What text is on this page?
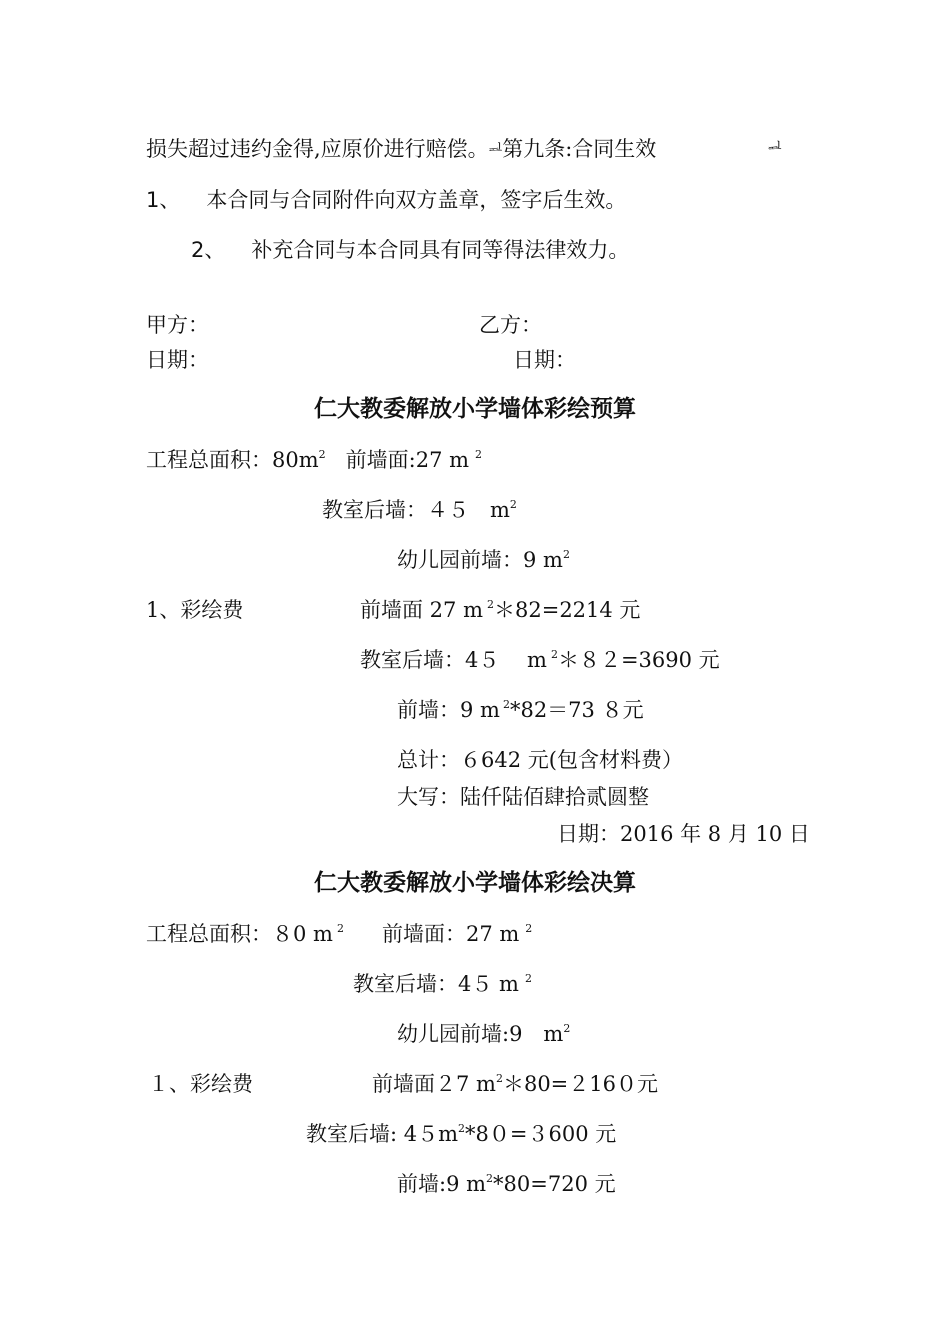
损失超过违约金得,应原价进行赔偿。ᆋ第九条:合同生效	ᆋ
1、 本合同与合同附件向双方盖章，签字后生效。
2、 补充合同与本合同具有同等得法律效力。
甲方：	乙方：
日期：	日期：
仁大教委解放小学墙体彩绘预算
工程总面积：$80m^2$ 前墙面:27 m $^2$
教室后墙：４５　$m^2$
幼儿园前墙：9 $m^2$
1、彩绘费	前墙面 27 m $^2$＊82=2214 元
教室后墙：4５　 m $^2$＊８２=3690 元
前墙：9 m $^2$*82＝73 ８元
总计：６642 元(包含材料费）
大写：陆仟陆佰肆拾贰圆整
日期：2016 年 8 月 10 日
仁大教委解放小学墙体彩绘决算
工程总面积：８0 m $^2$ 前墙面：27 m $^2$
教室后墙：4５ m $^2$
幼儿园前墙:9　$m^2$
１、彩绘费	前墙面２7 $m^2*80=2160$元
教室后墙: $45m^2*80=3600$ 元
前墙:9 $m^2*80=720$ 元
